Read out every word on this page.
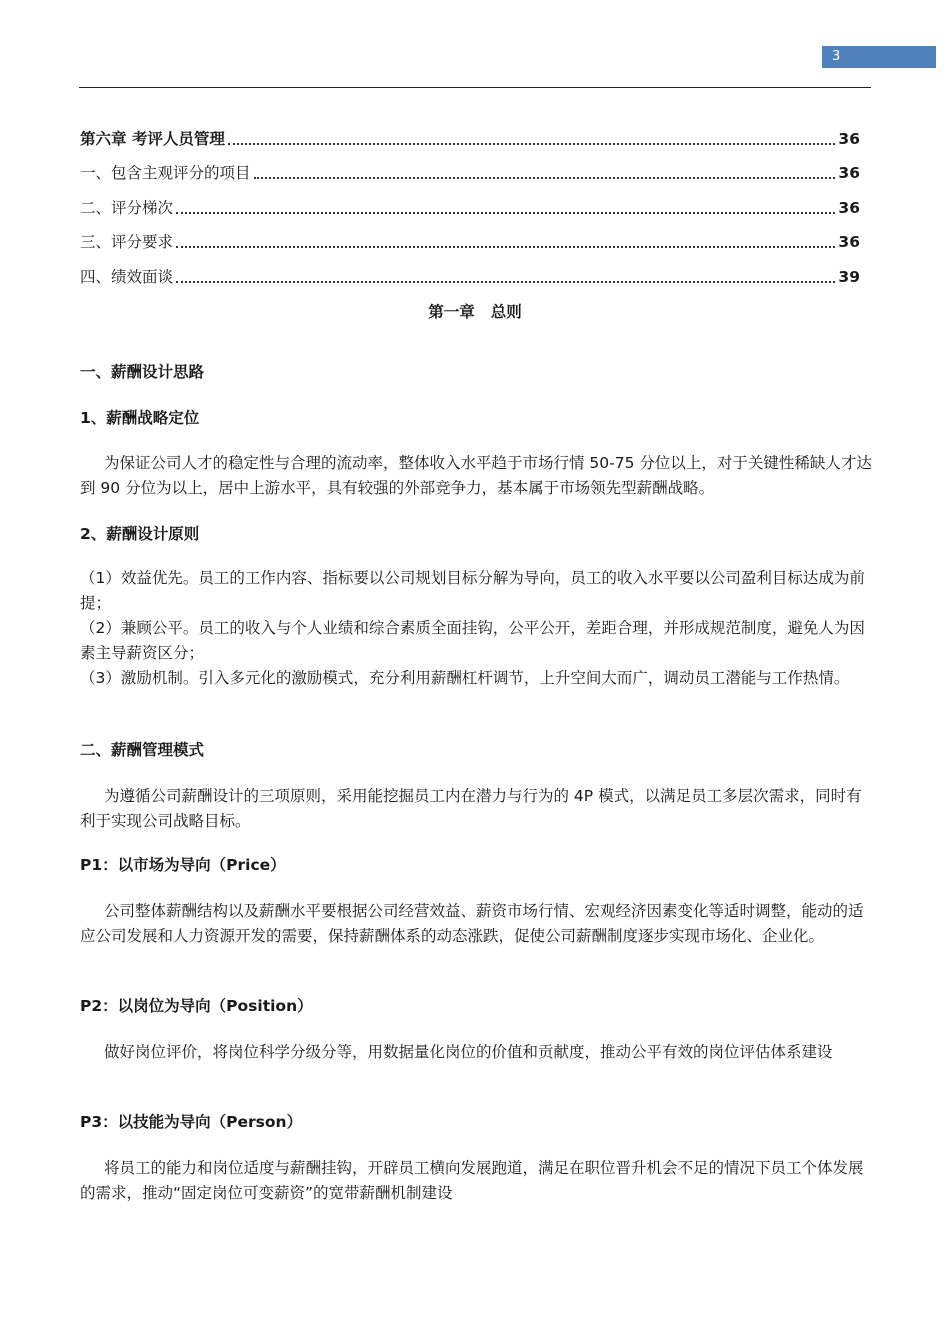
3
第六章 考评人员管理	36
一、包含主观评分的项目	36
二、评分梯次	36
三、评分要求	36
四、绩效面谈	39
第一章 总则
一、薪酬设计思路
1、薪酬战略定位

为保证公司人才的稳定性与合理的流动率，整体收入水平趋于市场行情 50-75 分位以上，对于关键性稀缺人才达到 90 分位为以上，居中上游水平，具有较强的外部竞争力，基本属于市场领先型薪酬战略。

2、薪酬设计原则

（1）效益优先。员工的工作内容、指标要以公司规划目标分解为导向，员工的收入水平要以公司盈利目标达成为前提；

（2）兼顾公平。员工的收入与个人业绩和综合素质全面挂钩，公平公开，差距合理，并形成规范制度，避免人为因素主导薪资区分；

（3）激励机制。引入多元化的激励模式，充分利用薪酬杠杆调节，上升空间大而广，调动员工潜能与工作热情。

二、薪酬管理模式

为遵循公司薪酬设计的三项原则，采用能挖掘员工内在潜力与行为的 4P 模式，以满足员工多层次需求，同时有利于实现公司战略目标。

P1：以市场为导向（Price）

公司整体薪酬结构以及薪酬水平要根据公司经营效益、薪资市场行情、宏观经济因素变化等适时调整，能动的适应公司发展和人力资源开发的需要，保持薪酬体系的动态涨跌，促使公司薪酬制度逐步实现市场化、企业化。

P2：以岗位为导向（Position）

做好岗位评价，将岗位科学分级分等，用数据量化岗位的价值和贡献度，推动公平有效的岗位评估体系建设

P3：以技能为导向（Person）

将员工的能力和岗位适度与薪酬挂钩，开辟员工横向发展跑道，满足在职位晋升机会不足的情况下员工个体发展的需求，推动“固定岗位可变薪资”的宽带薪酬机制建设
